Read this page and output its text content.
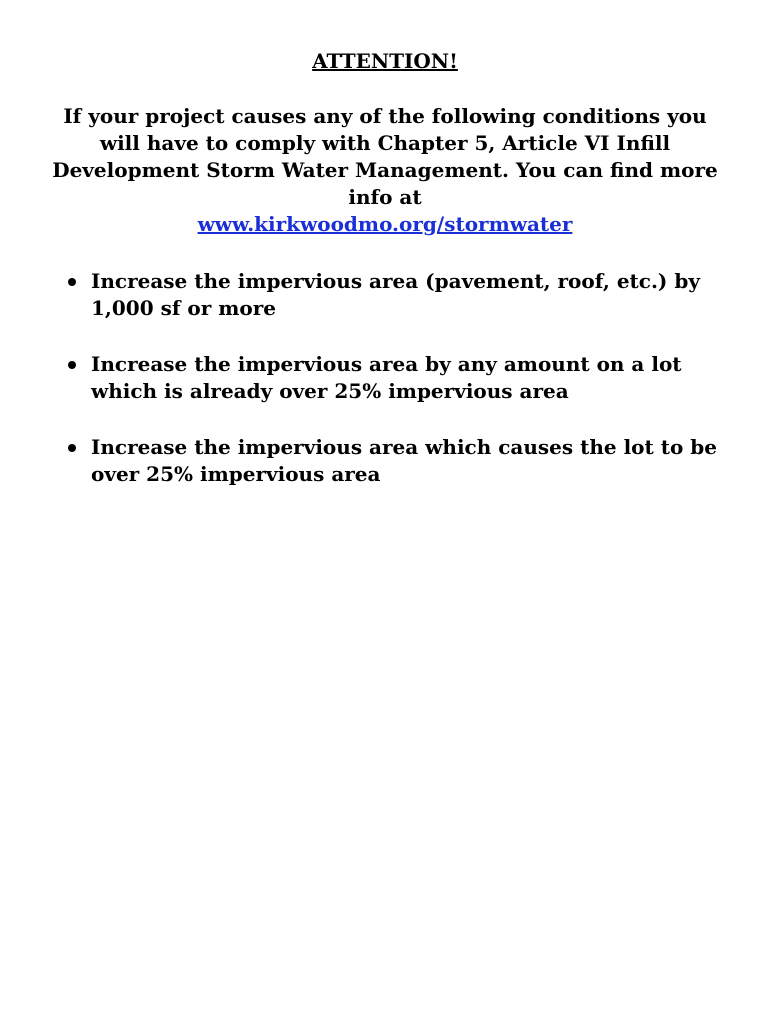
ATTENTION!

If your project causes any of the following conditions you will have to comply with Chapter 5, Article VI Infill Development Storm Water Management. You can find more info at

www.kirkwoodmo.org/stormwater

Increase the impervious area (pavement, roof, etc.) by 1,000 sf or more
Increase the impervious area by any amount on a lot which is already over 25% impervious area
Increase the impervious area which causes the lot to be over 25% impervious area
